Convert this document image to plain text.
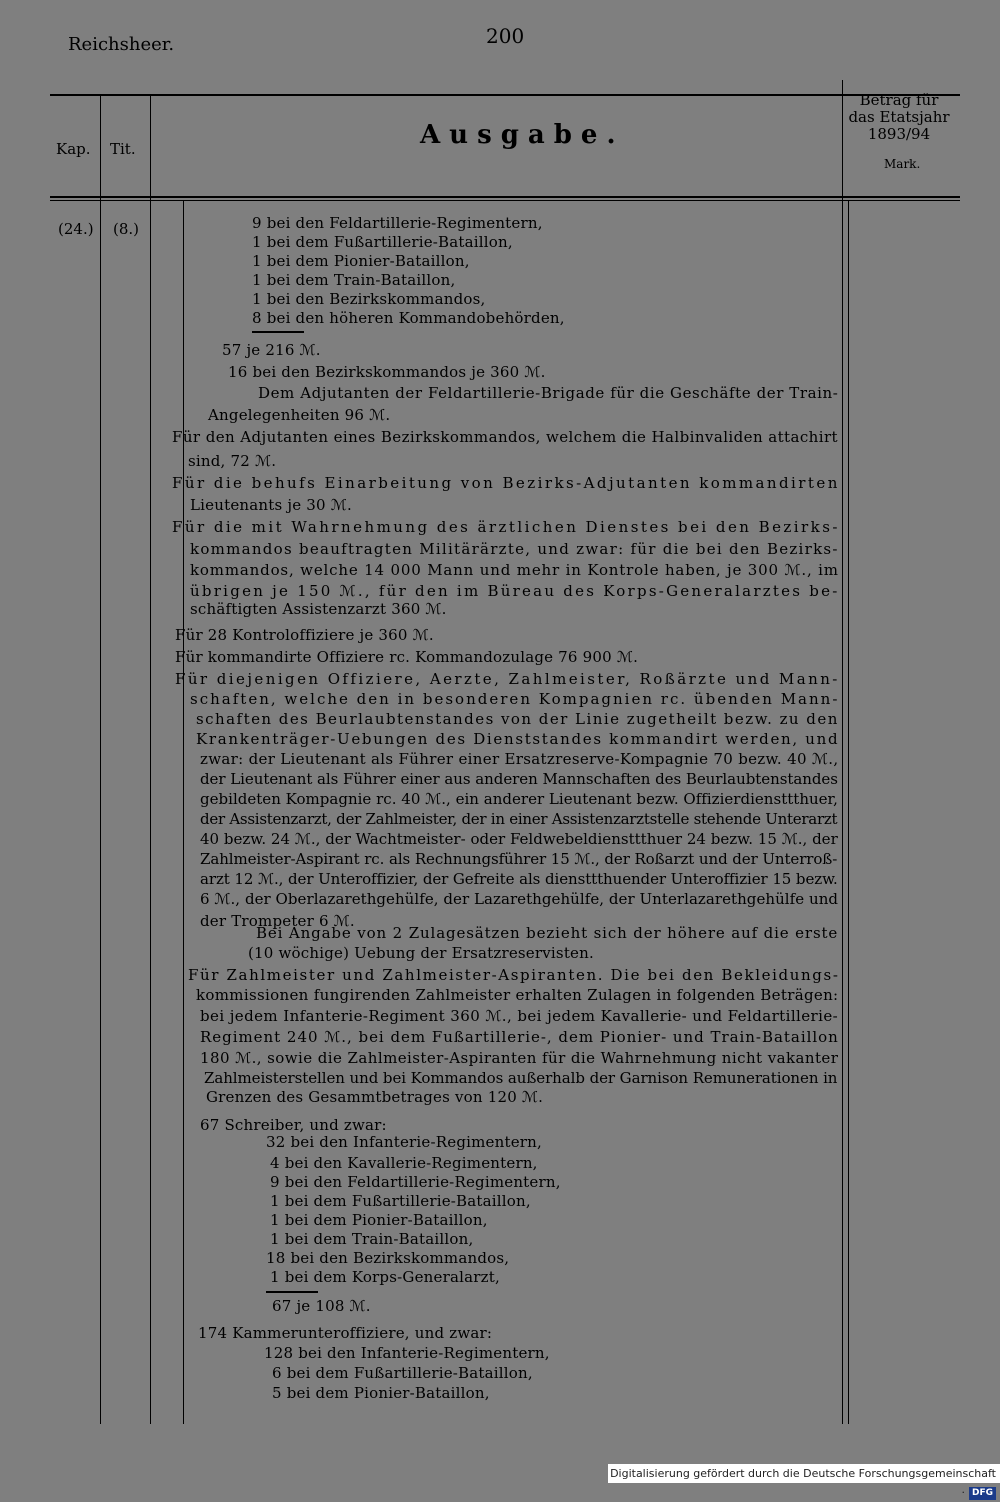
Reichsheer.	200
Kap. Tit.	Ausgabe.
Betrag für
das Etatsjahr
1893/94
Mark.
(24.) (8.)	9 bei den Feldartillerie-Regimentern,
1 bei dem Fußartillerie-Bataillon,
1 bei dem Pionier-Bataillon,
1 bei dem Train-Bataillon,
1 bei den Bezirkskommandos,
8 bei den höheren Kommandobehörden,
57 je 216 ℳ.
16 bei den Bezirkskommandos je 360 ℳ.
Dem Adjutanten der Feldartillerie-Brigade für die Geschäfte der Train-
Angelegenheiten 96 ℳ.
Für den Adjutanten eines Bezirkskommandos, welchem die Halbinvaliden attachirt
sind, 72 ℳ.
Für die behufs Einarbeitung von Bezirks-Adjutanten kommandirten
Lieutenants je 30 ℳ.
Für die mit Wahrnehmung des ärztlichen Dienstes bei den Bezirks-
kommandos beauftragten Militärärzte, und zwar: für die bei den Bezirks-
kommandos, welche 14 000 Mann und mehr in Kontrole haben, je 300 ℳ., im
übrigen je 150 ℳ., für den im Büreau des Korps-Generalarztes be-
schäftigten Assistenzarzt 360 ℳ.
Für 28 Kontroloffiziere je 360 ℳ.
Für kommandirte Offiziere rc. Kommandozulage 76 900 ℳ.
Für diejenigen Offiziere, Aerzte, Zahlmeister, Roßärzte und Mann-
schaften, welche den in besonderen Kompagnien rc. übenden Mann-
schaften des Beurlaubtenstandes von der Linie zugetheilt bezw. zu den
Krankenträger-Uebungen des Dienststandes kommandirt werden, und
zwar: der Lieutenant als Führer einer Ersatzreserve-Kompagnie 70 bezw. 40 ℳ.,
der Lieutenant als Führer einer aus anderen Mannschaften des Beurlaubtenstandes
gebildeten Kompagnie rc. 40 ℳ., ein anderer Lieutenant bezw. Offizierdiensttthuer,
der Assistenzarzt, der Zahlmeister, der in einer Assistenzarztstelle stehende Unterarzt
40 bezw. 24 ℳ., der Wachtmeister- oder Feldwebeldiensttthuer 24 bezw. 15 ℳ., der
Zahlmeister-Aspirant rc. als Rechnungsführer 15 ℳ., der Roßarzt und der Unterroß-
arzt 12 ℳ., der Unteroffizier, der Gefreite als diensttthuender Unteroffizier 15 bezw.
6 ℳ., der Oberlazarethgehülfe, der Lazarethgehülfe, der Unterlazarethgehülfe und
der Trompeter 6 ℳ.
Bei Angabe von 2 Zulagesätzen bezieht sich der höhere auf die erste
(10 wöchige) Uebung der Ersatzreservisten.
Für Zahlmeister und Zahlmeister-Aspiranten. Die bei den Bekleidungs-
kommissionen fungirenden Zahlmeister erhalten Zulagen in folgenden Beträgen:
bei jedem Infanterie-Regiment 360 ℳ., bei jedem Kavallerie- und Feldartillerie-
Regiment 240 ℳ., bei dem Fußartillerie-, dem Pionier- und Train-Bataillon
180 ℳ., sowie die Zahlmeister-Aspiranten für die Wahrnehmung nicht vakanter
Zahlmeisterstellen und bei Kommandos außerhalb der Garnison Remunerationen in
Grenzen des Gesammtbetrages von 120 ℳ.
67 Schreiber, und zwar:
32 bei den Infanterie-Regimentern,
4 bei den Kavallerie-Regimentern,
9 bei den Feldartillerie-Regimentern,
1 bei dem Fußartillerie-Bataillon,
1 bei dem Pionier-Bataillon,
1 bei dem Train-Bataillon,
18 bei den Bezirkskommandos,
1 bei dem Korps-Generalarzt,
67 je 108 ℳ.
174 Kammerunteroffiziere, und zwar:
128 bei den Infanterie-Regimentern,
6 bei dem Fußartillerie-Bataillon,
5 bei dem Pionier-Bataillon,
Digitalisierung gefördert durch die Deutsche Forschungsgemeinschaft · DFG
